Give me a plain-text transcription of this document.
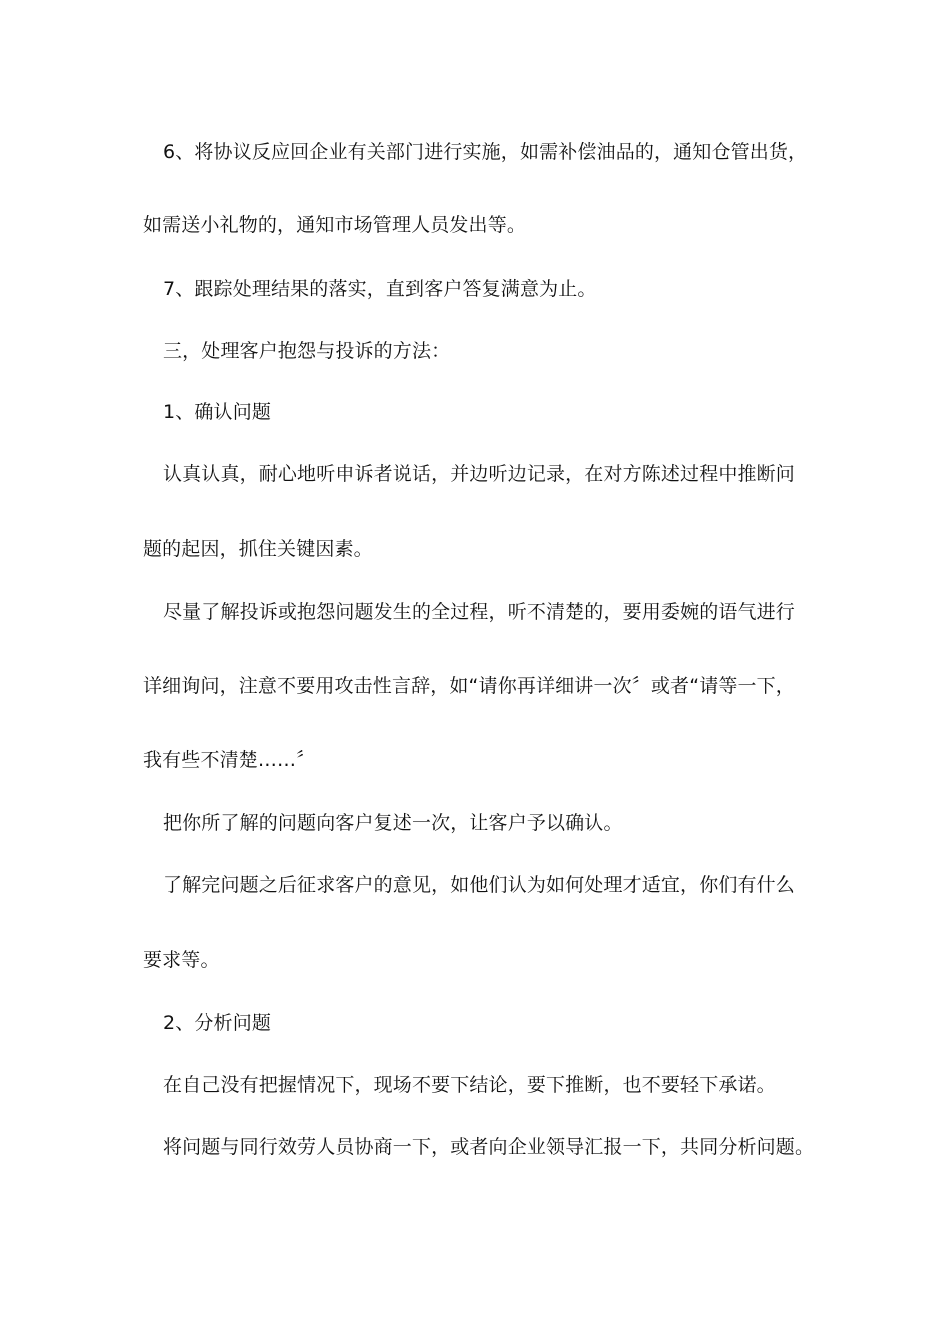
6、将协议反应回企业有关部门进行实施，如需补偿油品的，通知仓管出货，
如需送小礼物的，通知市场管理人员发出等。
7、跟踪处理结果的落实，直到客户答复满意为止。
三，处理客户抱怨与投诉的方法：
1、确认问题
认真认真，耐心地听申诉者说话，并边听边记录，在对方陈述过程中推断问
题的起因，抓住关键因素。
尽量了解投诉或抱怨问题发生的全过程，听不清楚的，要用委婉的语气进行
详细询问，注意不要用攻击性言辞，如“请你再详细讲一次〞或者“请等一下，
我有些不清楚……〞
把你所了解的问题向客户复述一次，让客户予以确认。
了解完问题之后征求客户的意见，如他们认为如何处理才适宜，你们有什么
要求等。
2、分析问题
在自己没有把握情况下，现场不要下结论，要下推断，也不要轻下承诺。
将问题与同行效劳人员协商一下，或者向企业领导汇报一下，共同分析问题。
